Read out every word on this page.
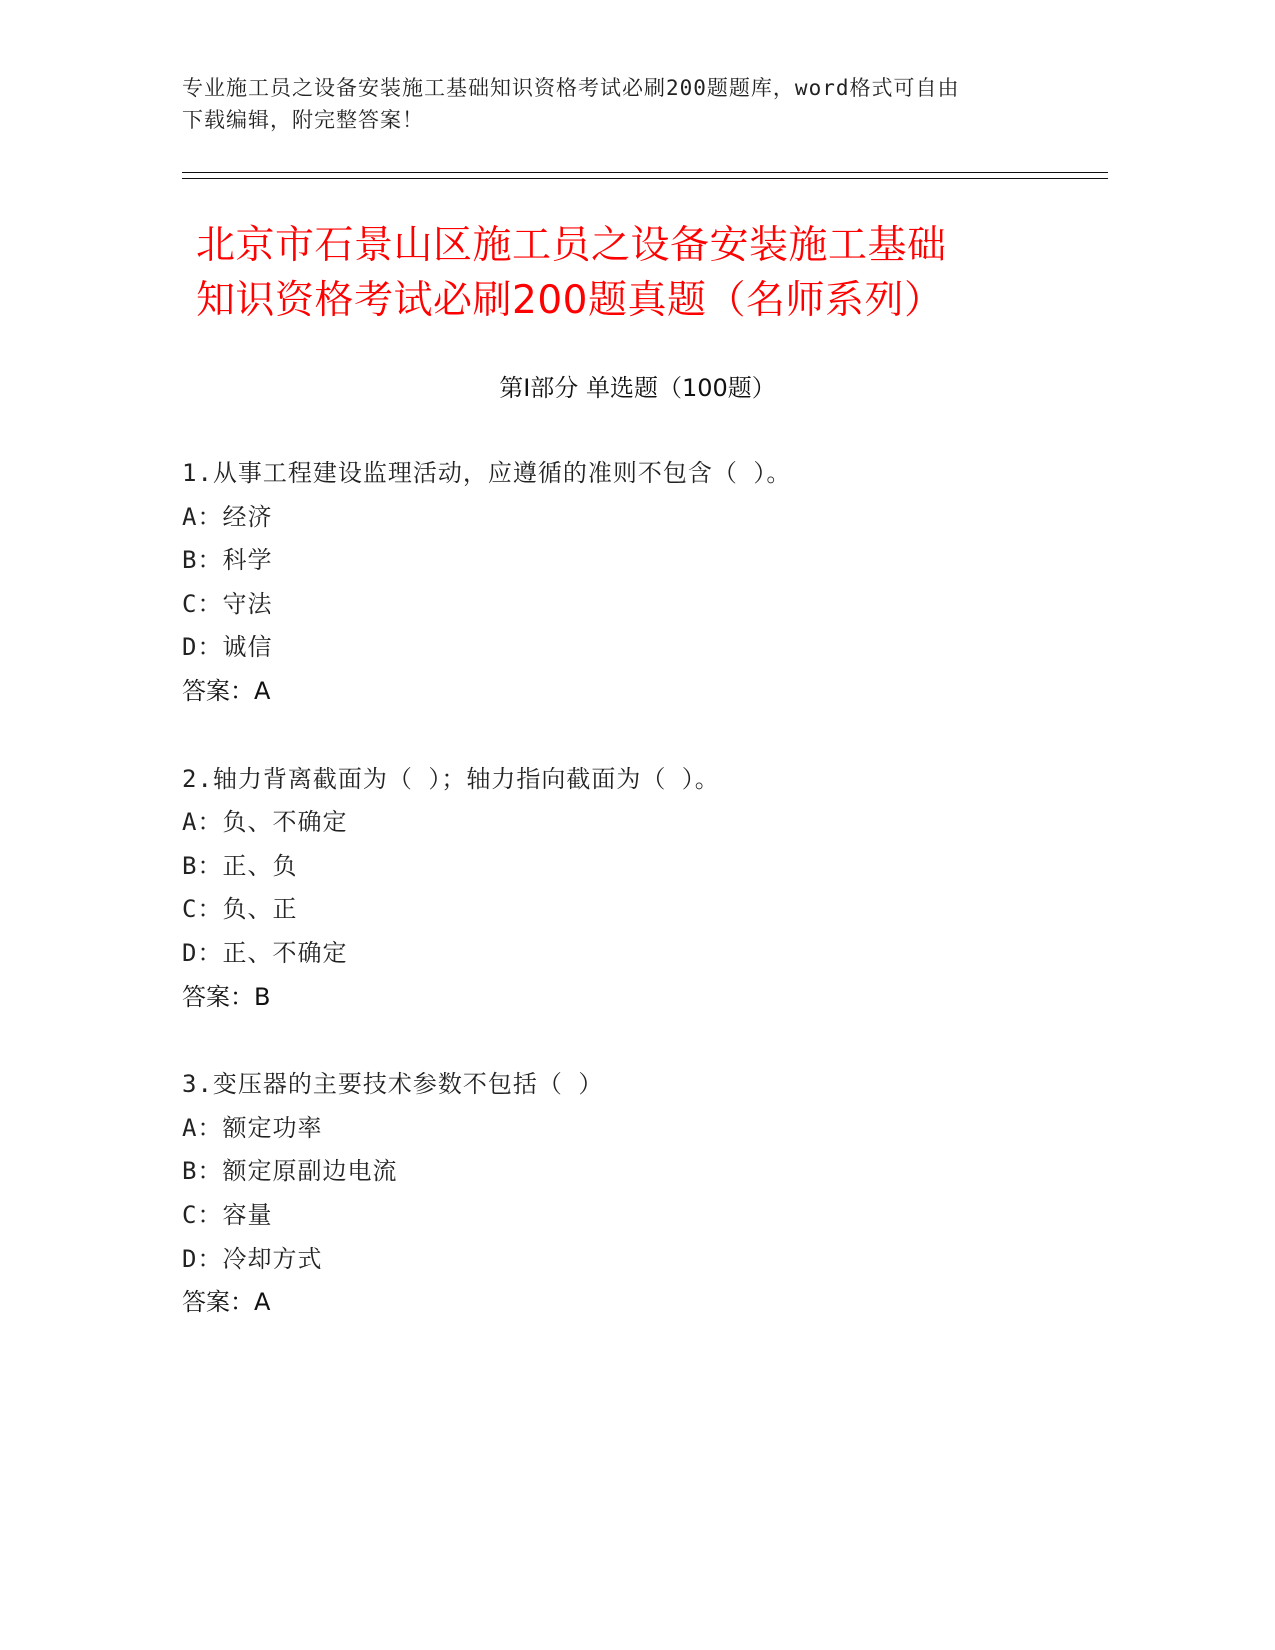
专业施工员之设备安装施工基础知识资格考试必刷200题题库，word格式可自由
下载编辑，附完整答案！
北京市石景山区施工员之设备安装施工基础
知识资格考试必刷200题真题（名师系列）
第Ⅰ部分 单选题（100题）
1.从事工程建设监理活动，应遵循的准则不包含（ ）。
A：经济
B：科学
C：守法
D：诚信
答案：A
2.轴力背离截面为（ ）；轴力指向截面为（ ）。
A：负、不确定
B：正、负
C：负、正
D：正、不确定
答案：B
3.变压器的主要技术参数不包括（ ）
A：额定功率
B：额定原副边电流
C：容量
D：冷却方式
答案：A
